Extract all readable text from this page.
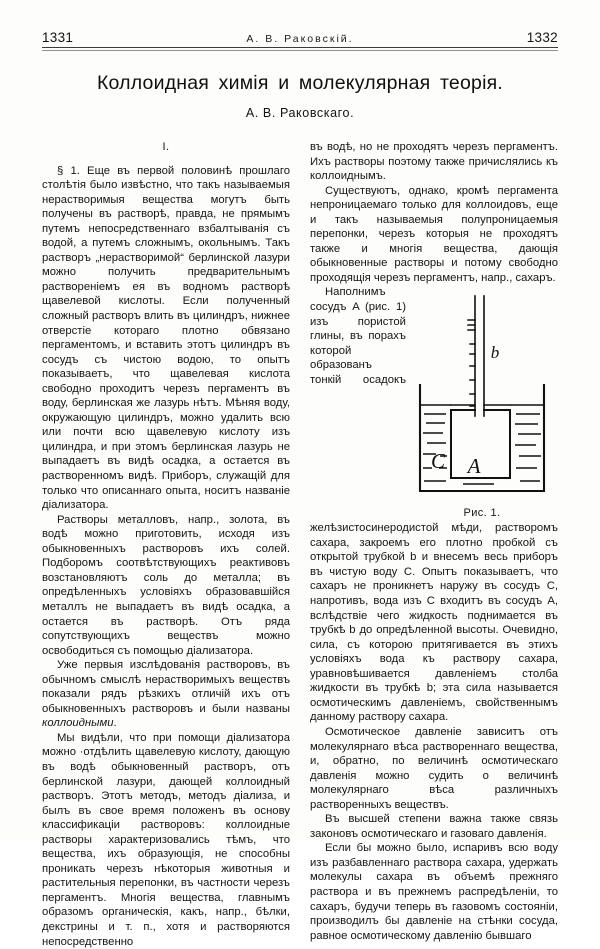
1331	А. В. Раковскій.	1332
Коллоидная химія и молекулярная теорія.
А. В. Раковскаго.
I.

§ 1. Еще въ первой половинѣ прошлаго столѣтія было извѣстно, что такъ называемыя нерастворимыя вещества могутъ быть получены въ растворѣ, правда, не прямымъ путемъ непосредственнаго взбалтыванія съ водой, а путемъ сложнымъ, окольнымъ. Такъ растворъ „нерастворимой“ берлинской лазури можно получить предварительнымъ раствореніемъ ея въ водномъ растворѣ щавелевой кислоты. Если полученный сложный растворъ влить въ цилиндръ, нижнее отверстіе котораго плотно обвязано пергаментомъ, и вставить этотъ цилиндръ въ сосудъ съ чистою водою, то опытъ показываетъ, что щавелевая кислота свободно проходитъ черезъ пергаментъ въ воду, берлинская же лазурь нѣтъ. Мѣняя воду, окружающую цилиндръ, можно удалить всю или почти всю щавелевую кислоту изъ цилиндра, и при этомъ берлинская лазурь не выпадаетъ въ видѣ осадка, а остается въ растворенномъ видѣ. Приборъ, служащій для только что описаннаго опыта, носитъ названіе діализатора.

Растворы металловъ, напр., золота, въ водѣ можно приготовить, исходя изъ обыкновенныхъ растворовъ ихъ солей. Подборомъ соотвѣтствующихъ реактивовъ возстановляютъ соль до металла; въ опредѣленныхъ условіяхъ образовавшійся металлъ не выпадаетъ въ видѣ осадка, а остается въ растворѣ. Отъ ряда сопутствующихъ веществъ можно освободиться съ помощью діализатора.

Уже первыя изслѣдованія растворовъ, въ обычномъ смыслѣ нерастворимыхъ веществъ показали рядъ рѣзкихъ отличій ихъ отъ обыкновенныхъ растворовъ и были названы коллоидными.

Мы видѣли, что при помощи діализатора можно ·отдѣлить щавелевую кислоту, дающую въ водѣ обыкновенный растворъ, отъ берлинской лазури, дающей коллоидный растворъ. Этотъ методъ, методъ діализа, и былъ въ свое время положенъ въ основу классификаціи растворовъ: коллоидные растворы характеризовались тѣмъ, что вещества, ихъ образующія, не способны проникать черезъ нѣкоторыя животныя и растительныя перепонки, въ частности черезъ пергаментъ. Многія вещества, главнымъ образомъ органическія, какъ, напр., бѣлки, декстрины и т. п., хотя и растворяются непосредственно

въ водѣ, но не проходятъ черезъ пергаментъ. Ихъ растворы поэтому также причислялись къ коллоиднымъ.

Существуютъ, однако, кромѣ пергамента непроницаемаго только для коллоидовъ, еще и такъ называемыя полупроницаемыя перепонки, черезъ которыя не проходятъ также и многія вещества, дающія обыкновенные растворы и потому свободно проходящія черезъ пергаментъ, напр., сахаръ.

A
C
b
Рис. 1.

Наполнимъ сосудъ A (рис. 1) изъ пористой глины, въ порахъ которой образованъ тонкій осадокъ желѣзистосинеродистой мѣди, растворомъ сахара, закроемъ его плотно пробкой съ открытой трубкой b и внесемъ весь приборъ въ чистую воду C. Опытъ показываетъ, что сахаръ не проникнетъ наружу въ сосудъ C, напротивъ, вода изъ C входитъ въ сосудъ A, вслѣдствіе чего жидкость поднимается въ трубкѣ b до опредѣленной высоты. Очевидно, сила, съ которою притягивается въ этихъ условіяхъ вода къ раствору сахара, уравновѣшивается давленіемъ столба жидкости въ трубкѣ b; эта сила называется осмотическимъ давленіемъ, свойственнымъ данному раствору сахара.

Осмотическое давленіе зависитъ отъ молекулярнаго вѣса раствореннаго вещества, и, обратно, по величинѣ осмотическаго давленія можно судить о величинѣ молекулярнаго вѣса различныхъ растворенныхъ веществъ.

Въ высшей степени важна также связь законовъ осмотическаго и газоваго давленія.

Если бы можно было, испаривъ всю воду изъ разбавленнаго раствора сахара, удержать молекулы сахара въ объемѣ прежняго раствора и въ прежнемъ распредѣленіи, то сахаръ, будучи теперь въ газовомъ состояніи, производилъ бы давленіе на стѣнки сосуда, равное осмотическому давленію бывшаго
